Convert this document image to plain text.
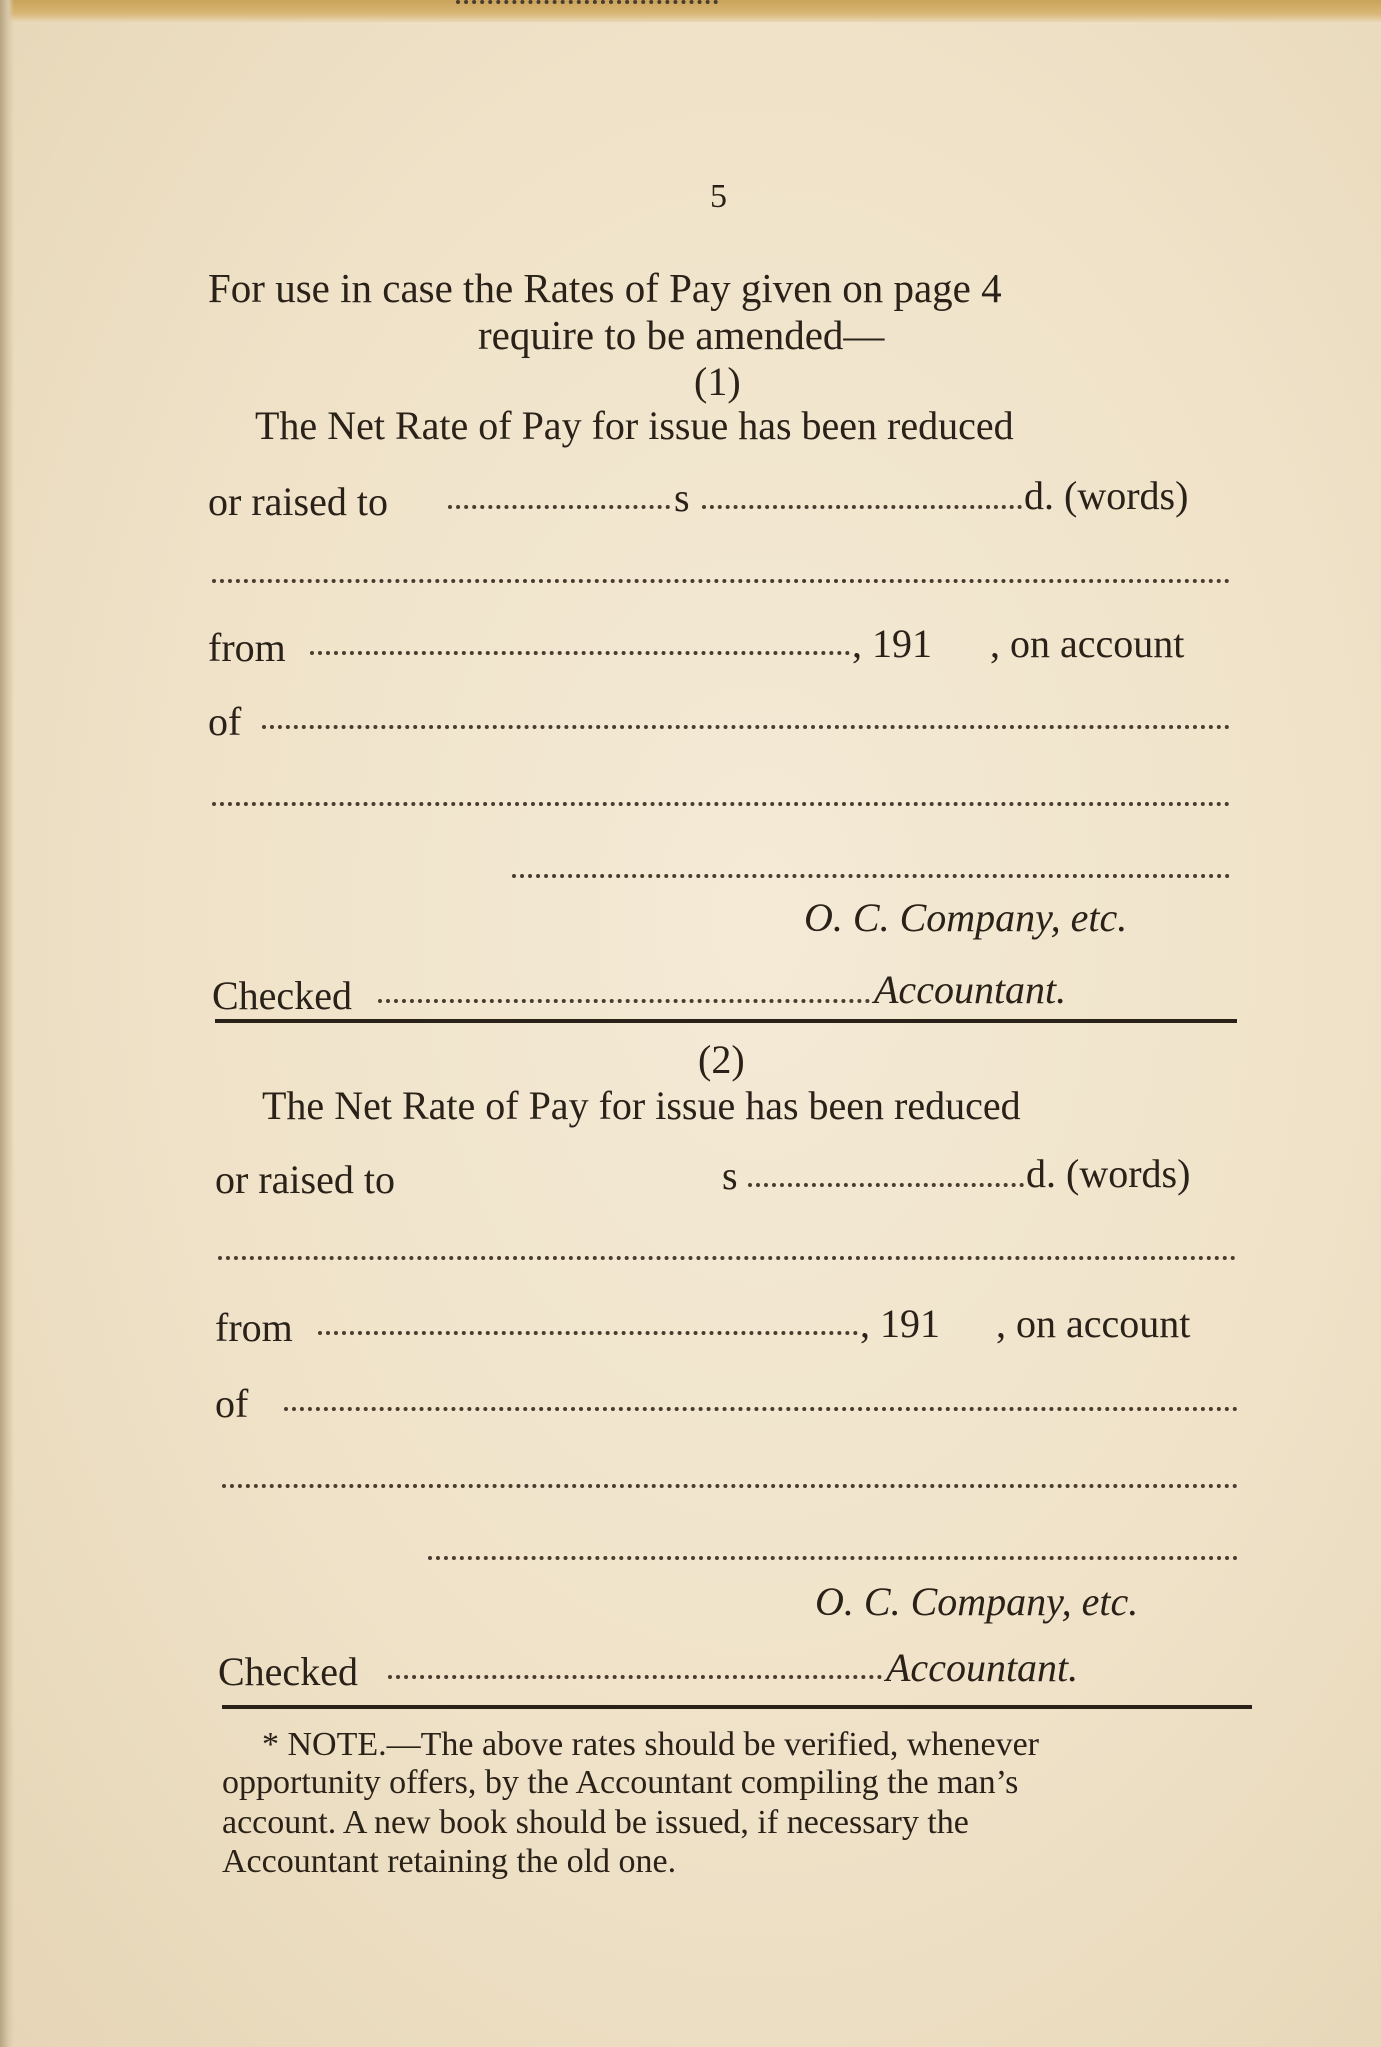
5
For use in case the Rates of Pay given on page 4
require to be amended—
(1)
The Net Rate of Pay for issue has been reduced
or raised to	s	d. (words)
from	, 191 , on account
of
O. C. Company, etc.
Checked	Accountant.
(2)
The Net Rate of Pay for issue has been reduced
or raised to	s	d. (words)
from	, 191 , on account
of
O. C. Company, etc.
Checked	Accountant.
* NOTE.—The above rates should be verified, whenever
opportunity offers, by the Accountant compiling the man’s
account. A new book should be issued, if necessary the
Accountant retaining the old one.
